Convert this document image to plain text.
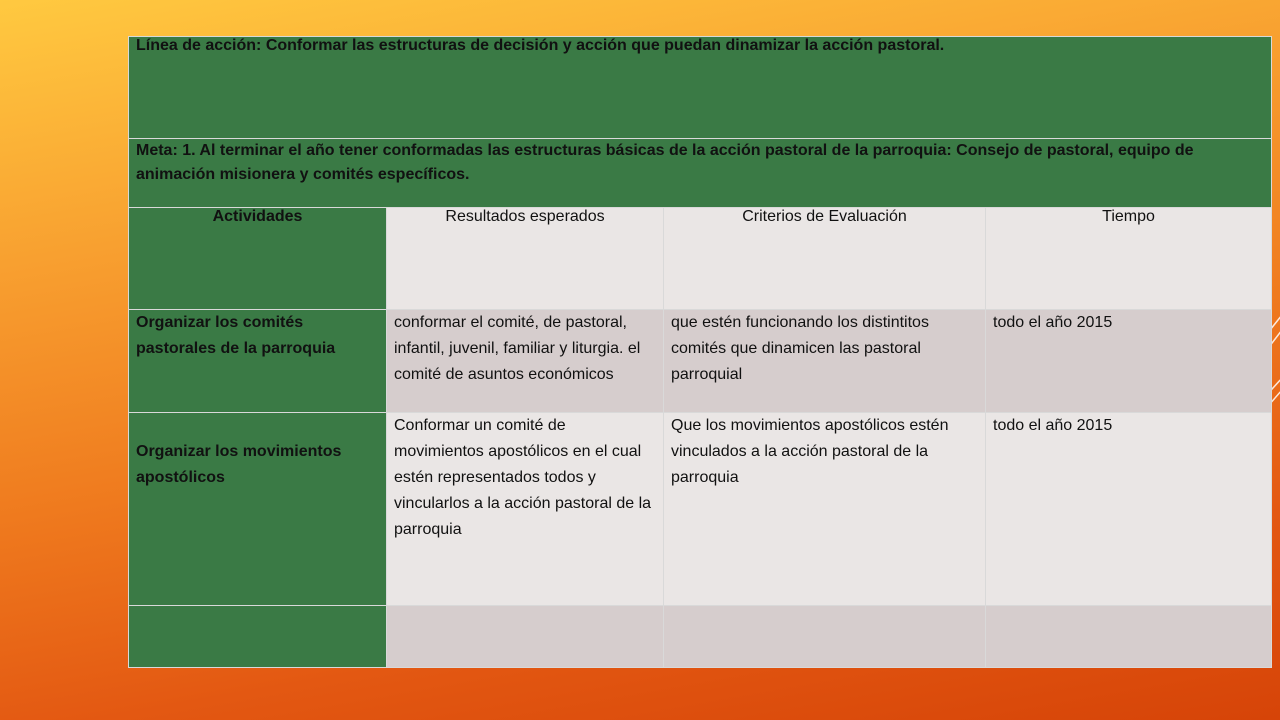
Línea de acción: Conformar las estructuras de decisión y acción que puedan dinamizar la acción pastoral.			
Meta: 1. Al terminar el año tener conformadas las estructuras básicas de la acción pastoral de la parroquia: Consejo de pastoral, equipo de animación misionera y comités específicos.			
Actividades	Resultados esperados	Criterios de Evaluación	Tiempo
Organizar los comités pastorales de la parroquia	conformar el comité, de pastoral, infantil, juvenil, familiar y liturgia. el comité de asuntos económicos	que estén funcionando los distintitos comités que dinamicen las pastoral parroquial	todo el año 2015
Organizar los movimientos apostólicos	Conformar un comité de movimientos apostólicos en el cual estén representados todos y vincularlos a la acción pastoral de la parroquia	Que los movimientos apostólicos estén vinculados a la acción pastoral de la parroquia	todo el año 2015
